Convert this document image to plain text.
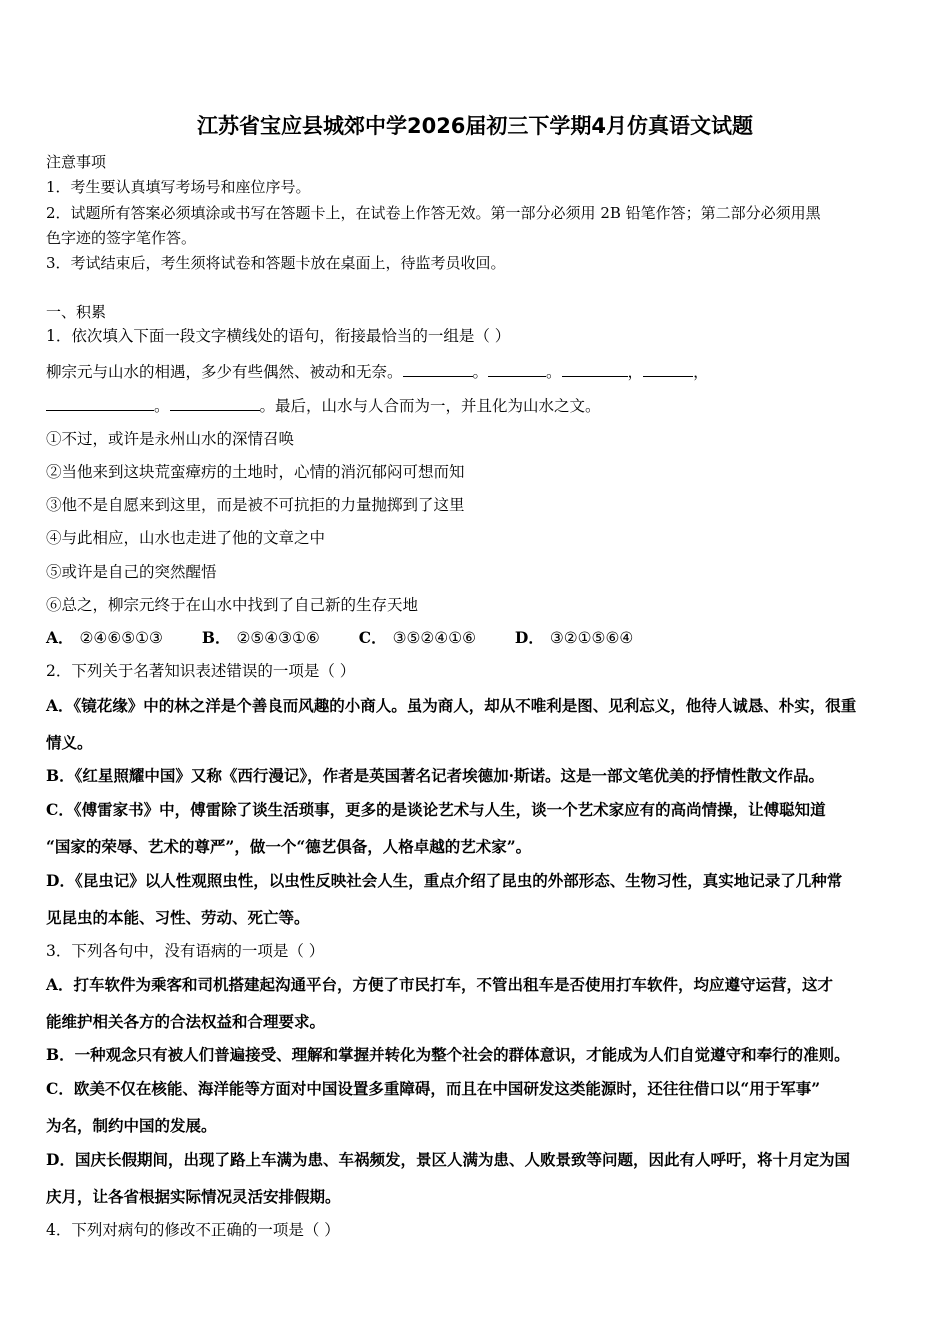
江苏省宝应县城郊中学2026届初三下学期4月仿真语文试题
注意事项
1．考生要认真填写考场号和座位序号。
2．试题所有答案必须填涂或书写在答题卡上，在试卷上作答无效。第一部分必须用 2B 铅笔作答；第二部分必须用黑
色字迹的签字笔作答。
3．考试结束后，考生须将试卷和答题卡放在桌面上，待监考员收回。
一、积累
1．依次填入下面一段文字横线处的语句，衔接最恰当的一组是（ ）
柳宗元与山水的相遇，多少有些偶然、被动和无奈。	。	。	，	，
。	。最后，山水与人合而为一，并且化为山水之文。
①不过，或许是永州山水的深情召唤
②当他来到这块荒蛮瘴疠的土地时，心情的消沉郁闷可想而知
③他不是自愿来到这里，而是被不可抗拒的力量抛掷到了这里
④与此相应，山水也走进了他的文章之中
⑤或许是自己的突然醒悟
⑥总之，柳宗元终于在山水中找到了自己新的生存天地
A． ②④⑥⑤①③	B． ②⑤④③①⑥	C． ③⑤②④①⑥	D． ③②①⑤⑥④
2．下列关于名著知识表述错误的一项是（ ）
A．《镜花缘》中的林之洋是个善良而风趣的小商人。虽为商人，却从不唯利是图、见利忘义，他待人诚恳、朴实，很重
情义。
B．《红星照耀中国》又称《西行漫记》，作者是英国著名记者埃德加·斯诺。这是一部文笔优美的抒情性散文作品。
C．《傅雷家书》中，傅雷除了谈生活琐事，更多的是谈论艺术与人生，谈一个艺术家应有的高尚情操，让傅聪知道
“国家的荣辱、艺术的尊严”，做一个“德艺俱备，人格卓越的艺术家”。
D．《昆虫记》以人性观照虫性，以虫性反映社会人生，重点介绍了昆虫的外部形态、生物习性，真实地记录了几种常
见昆虫的本能、习性、劳动、死亡等。
3．下列各句中，没有语病的一项是（ ）
A．打车软件为乘客和司机搭建起沟通平台，方便了市民打车，不管出租车是否使用打车软件，均应遵守运营，这才
能维护相关各方的合法权益和合理要求。
B．一种观念只有被人们普遍接受、理解和掌握并转化为整个社会的群体意识，才能成为人们自觉遵守和奉行的准则。
C．欧美不仅在核能、海洋能等方面对中国设置多重障碍，而且在中国研发这类能源时，还往往借口以“用于军事”
为名，制约中国的发展。
D．国庆长假期间，出现了路上车满为患、车祸频发，景区人满为患、人败景致等问题，因此有人呼吁，将十月定为国
庆月，让各省根据实际情况灵活安排假期。
4．下列对病句的修改不正确的一项是（ ）
